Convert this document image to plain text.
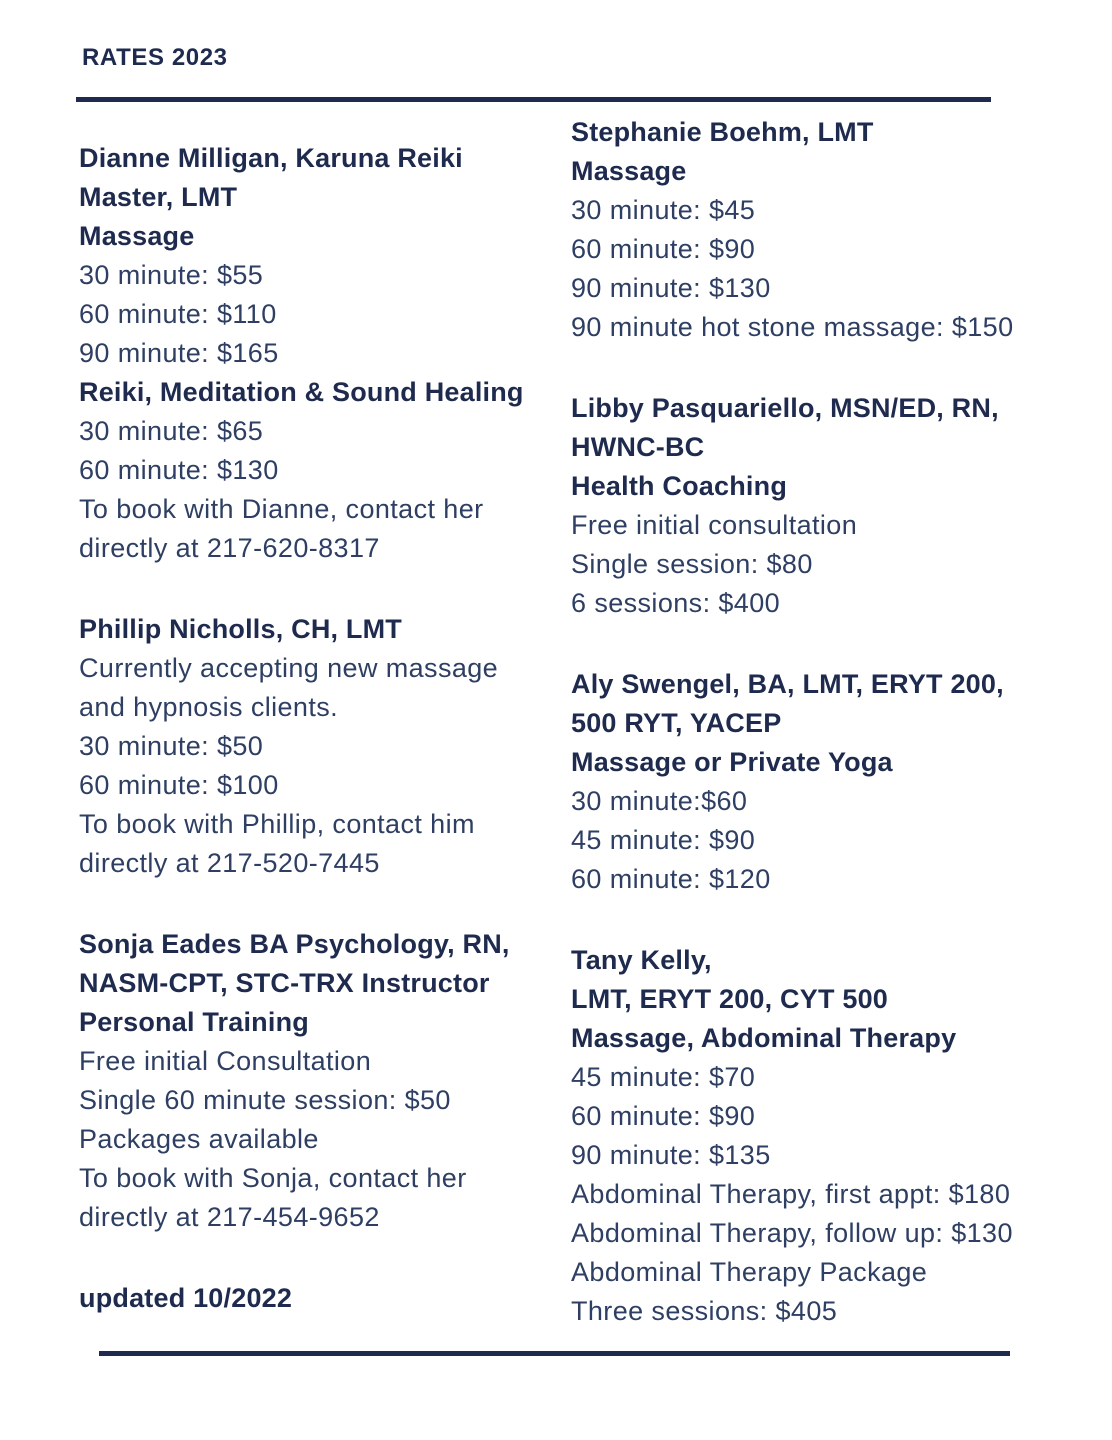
RATES 2023

Dianne Milligan, Karuna Reiki

Master, LMT

Massage

30 minute: $55

60 minute: $110

90 minute: $165

Reiki, Meditation & Sound Healing

30 minute: $65

60 minute: $130

To book with Dianne, contact her

directly at 217-620-8317

Phillip Nicholls, CH, LMT

Currently accepting new massage

and hypnosis clients.

30 minute: $50

60 minute: $100

To book with Phillip, contact him

directly at 217-520-7445

Sonja Eades BA Psychology, RN,

NASM-CPT, STC-TRX Instructor

Personal Training

Free initial Consultation

Single 60 minute session: $50

Packages available

To book with Sonja, contact her

directly at 217-454-9652

updated 10/2022

Stephanie Boehm, LMT

Massage

30 minute: $45

60 minute: $90

90 minute: $130

90 minute hot stone massage: $150

Libby Pasquariello, MSN/ED, RN,

HWNC-BC

Health Coaching

Free initial consultation

Single session: $80

6 sessions: $400

Aly Swengel, BA, LMT, ERYT 200,

500 RYT, YACEP

Massage or Private Yoga

30 minute:$60

45 minute: $90

60 minute: $120

Tany Kelly,

LMT, ERYT 200, CYT 500

Massage, Abdominal Therapy

45 minute: $70

60 minute: $90

90 minute: $135

Abdominal Therapy, first appt: $180

Abdominal Therapy, follow up: $130

Abdominal Therapy Package

Three sessions: $405
